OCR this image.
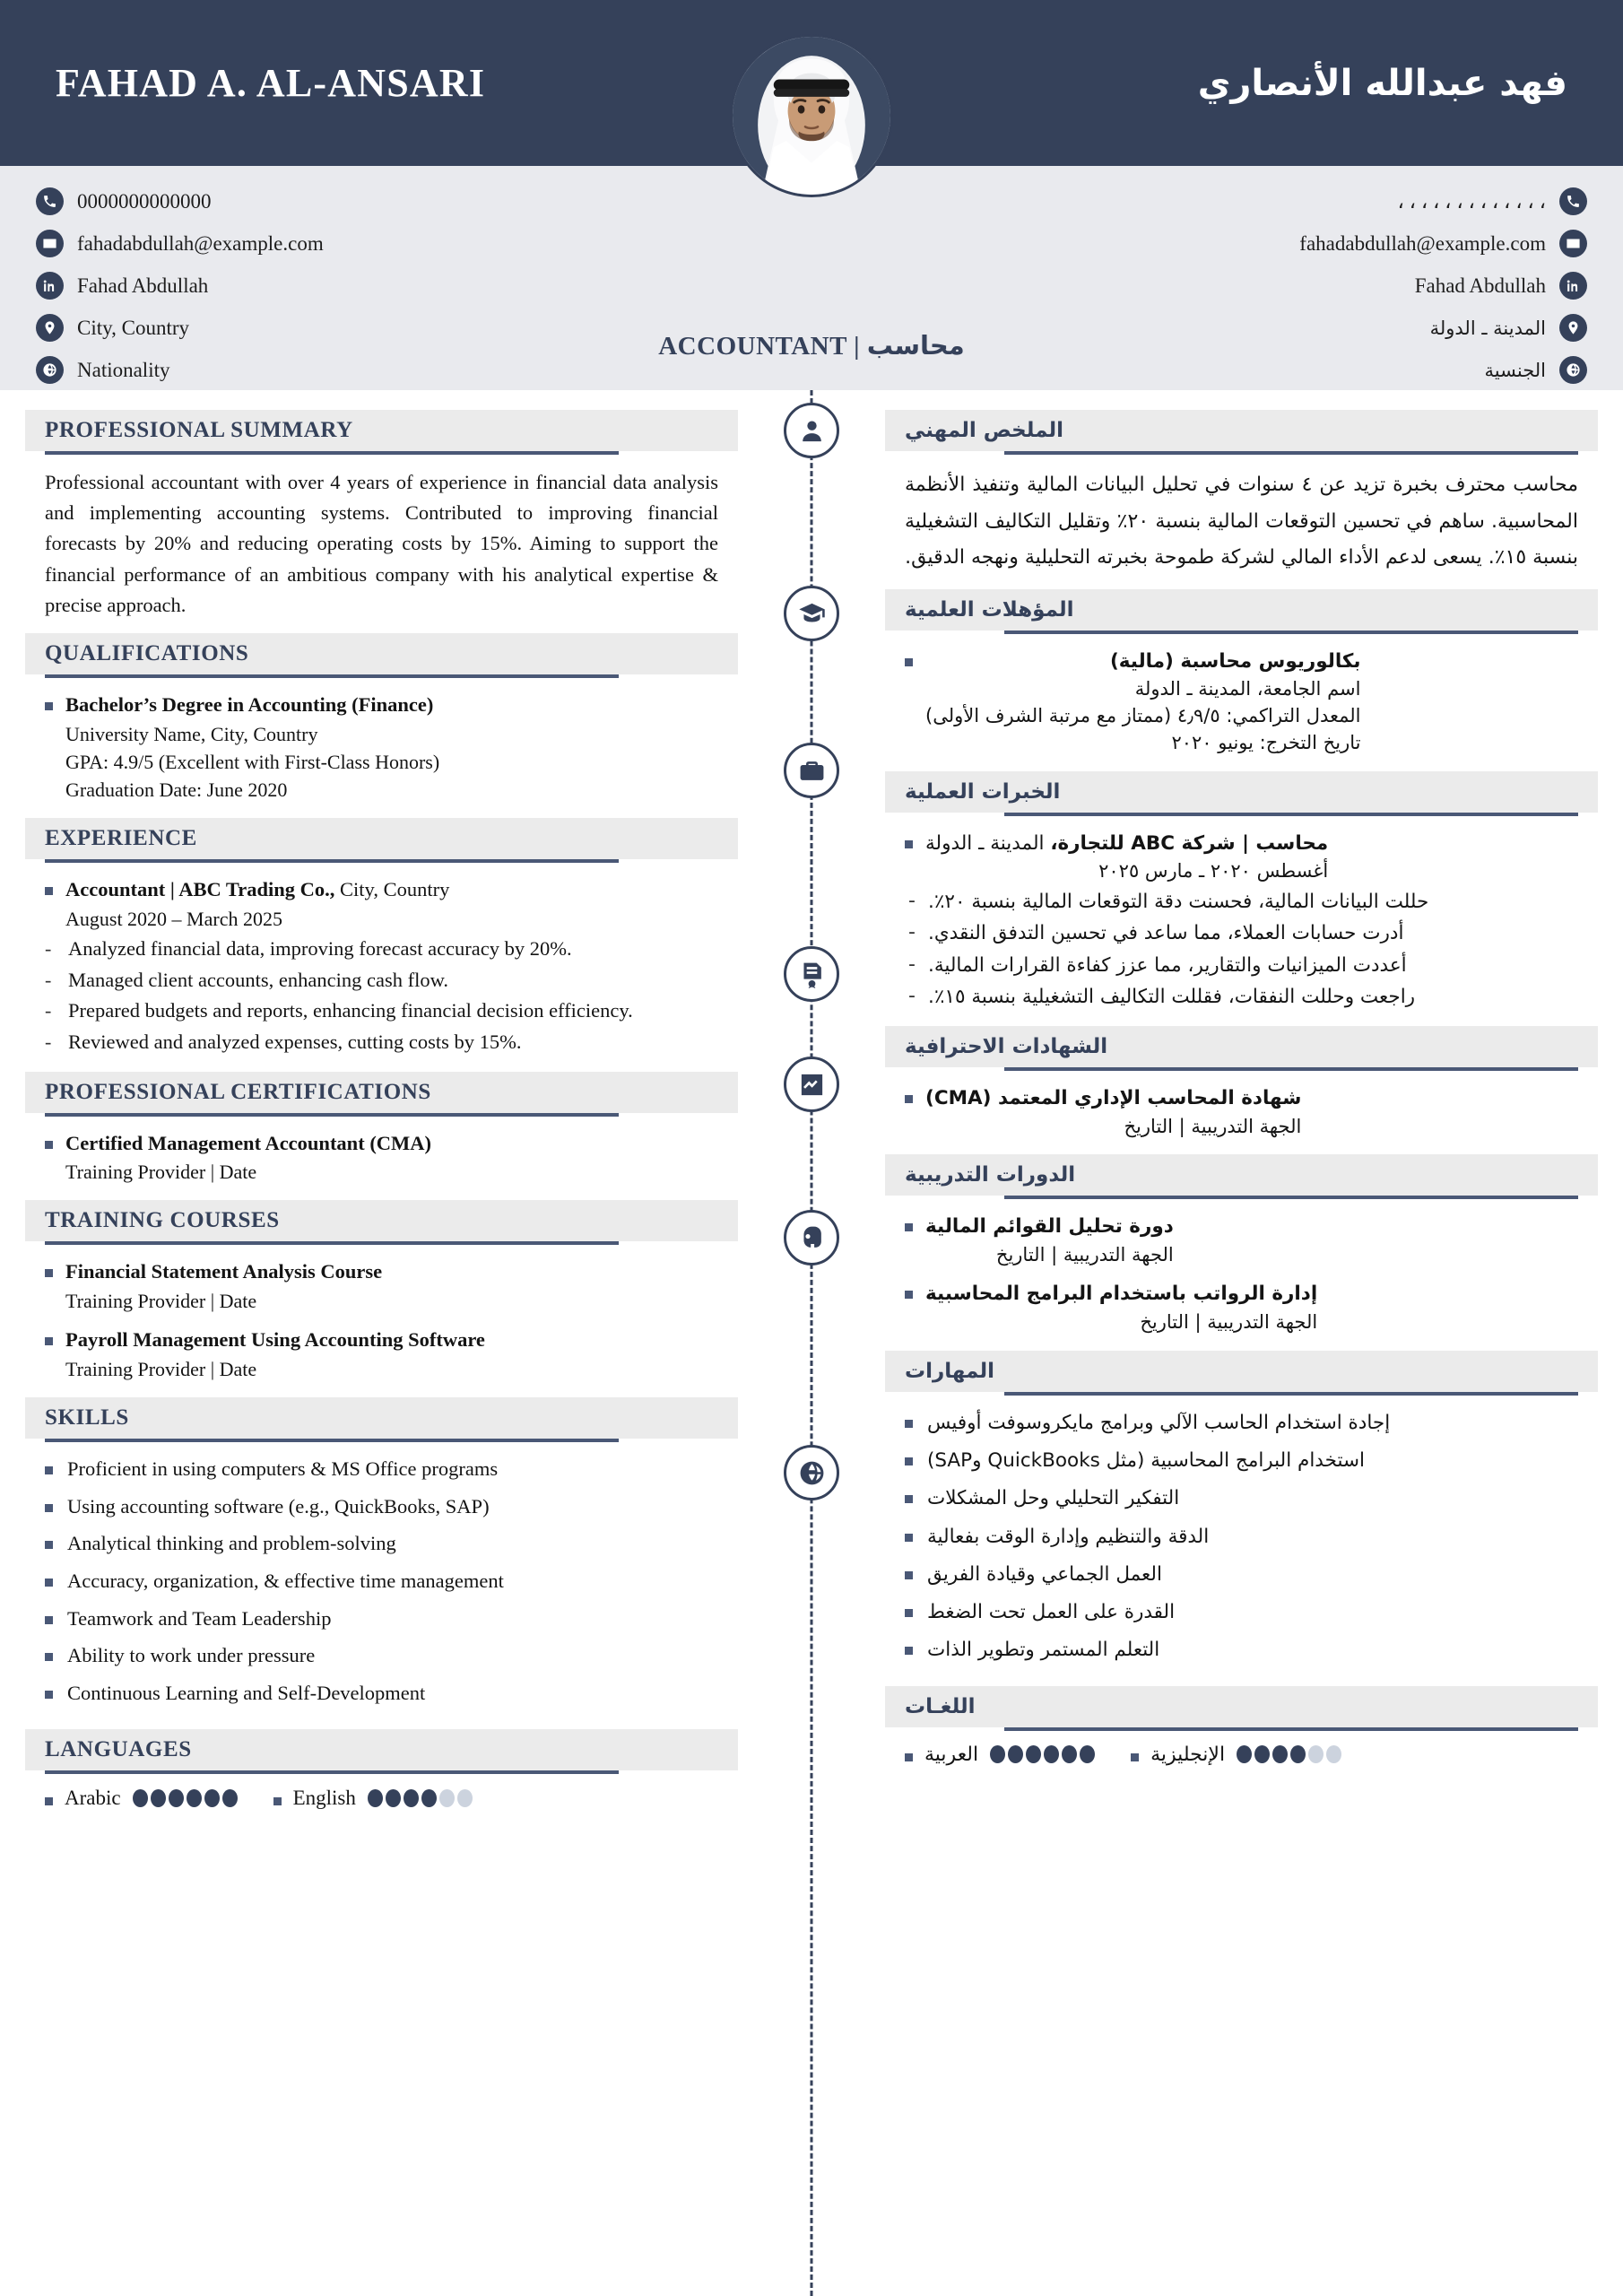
FAHAD A. AL-ANSARI	فهد عبدالله الأنصاري
0000000000000
fahadabdullah@example.com
Fahad Abdullah
City, Country
Nationality
، ، ، ، ، ، ، ، ، ، ، ، ،
fahadabdullah@example.com
Fahad Abdullah
المدينة ـ الدولة
الجنسية
ACCOUNTANT | محاسب
PROFESSIONAL SUMMARY
Professional accountant with over 4 years of experience in financial data analysis and implementing accounting systems. Contributed to improving financial forecasts by 20% and reducing operating costs by 15%. Aiming to support the financial performance of an ambitious company with his analytical expertise & precise approach.
QUALIFICATIONS
Bachelor’s Degree in Accounting (Finance)
University Name, City, Country
GPA: 4.9/5 (Excellent with First-Class Honors)
Graduation Date: June 2020
EXPERIENCE
Accountant | ABC Trading Co., City, Country
August 2020 – March 2025
- Analyzed financial data, improving forecast accuracy by 20%.
- Managed client accounts, enhancing cash flow.
- Prepared budgets and reports, enhancing financial decision efficiency.
- Reviewed and analyzed expenses, cutting costs by 15%.
PROFESSIONAL CERTIFICATIONS
Certified Management Accountant (CMA)
Training Provider | Date
TRAINING COURSES
Financial Statement Analysis Course
Training Provider | Date
Payroll Management Using Accounting Software
Training Provider | Date
SKILLS
Proficient in using computers & MS Office programs
Using accounting software (e.g., QuickBooks, SAP)
Analytical thinking and problem-solving
Accuracy, organization, & effective time management
Teamwork and Team Leadership
Ability to work under pressure
Continuous Learning and Self-Development
LANGUAGES
Arabic	English
الملخص المهني
محاسب محترف بخبرة تزيد عن ٤ سنوات في تحليل البيانات المالية وتنفيذ الأنظمة المحاسبية. ساهم في تحسين التوقعات المالية بنسبة ٢٠٪ وتقليل التكاليف التشغيلية بنسبة ١٥٪. يسعى لدعم الأداء المالي لشركة طموحة بخبرته التحليلية ونهجه الدقيق.
المؤهلات العلمية
بكالوريوس محاسبة (مالية)
اسم الجامعة، المدينة ـ الدولة
المعدل التراكمي: ٤٫٩/٥ (ممتاز مع مرتبة الشرف الأولى)
تاريخ التخرج: يونيو ٢٠٢٠
الخبرات العملية
محاسب | شركة ABC للتجارة، المدينة ـ الدولة
أغسطس ٢٠٢٠ ـ مارس ٢٠٢٥
- حللت البيانات المالية، فحسنت دقة التوقعات المالية بنسبة ٢٠٪.
- أدرت حسابات العملاء، مما ساعد في تحسين التدفق النقدي.
- أعددت الميزانيات والتقارير، مما عزز كفاءة القرارات المالية.
- راجعت وحللت النفقات، فقللت التكاليف التشغيلية بنسبة ١٥٪.
الشهادات الاحترافية
شهادة المحاسب الإداري المعتمد (CMA)
الجهة التدريبية | التاريخ
الدورات التدريبية
دورة تحليل القوائم المالية
الجهة التدريبية | التاريخ
إدارة الرواتب باستخدام البرامج المحاسبية
الجهة التدريبية | التاريخ
المهارات
إجادة استخدام الحاسب الآلي وبرامج مايكروسوفت أوفيس
استخدام البرامج المحاسبية (مثل QuickBooks وSAP)
التفكير التحليلي وحل المشكلات
الدقة والتنظيم وإدارة الوقت بفعالية
العمل الجماعي وقيادة الفريق
القدرة على العمل تحت الضغط
التعلم المستمر وتطوير الذات
اللغـات
العربية	الإنجليزية
